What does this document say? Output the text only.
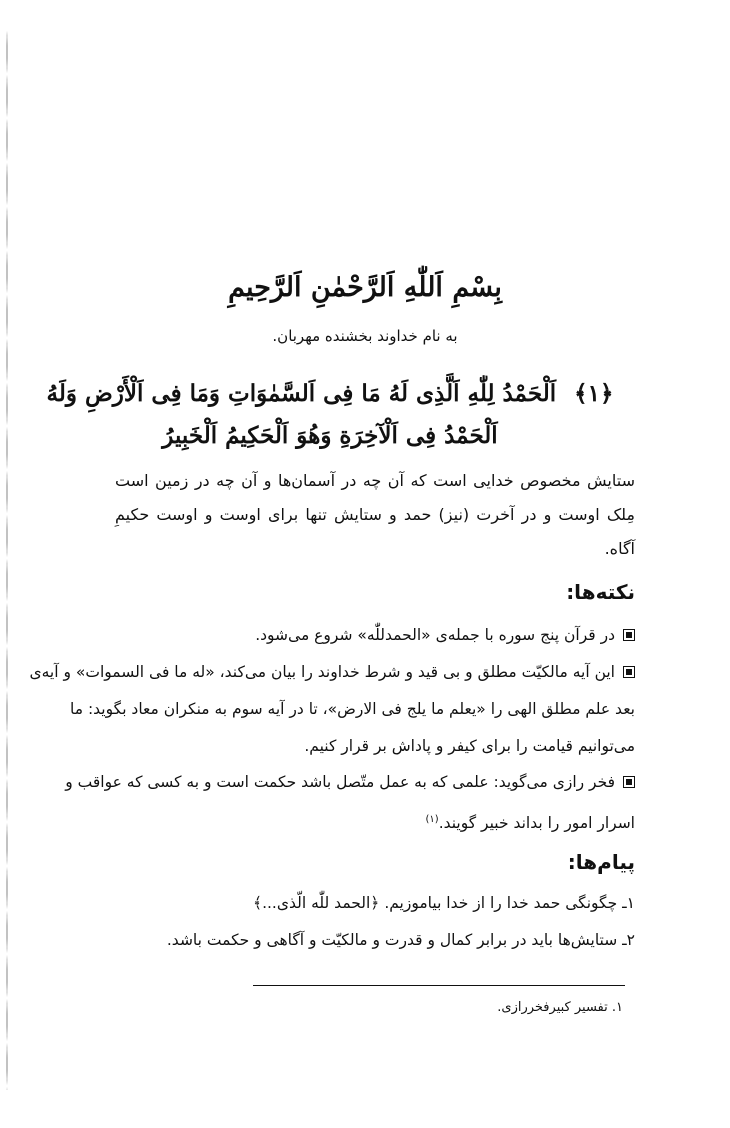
بِسْمِ اَللّٰهِ اَلرَّحْمٰنِ اَلرَّحِيمِ
به نام خداوند بخشنده مهربان.
﴿۱﴾ اَلْحَمْدُ لِلّٰهِ اَلَّذِى لَهُ مَا فِى اَلسَّمٰوَاتِ وَمَا فِى اَلْأَرْضِ وَلَهُ اَلْحَمْدُ فِى اَلْآخِرَةِ وَهُوَ اَلْحَكِيمُ اَلْخَبِيرُ
ستایش مخصوص خدایی است که آن چه در آسمان‌ها و آن چه در زمین است مِلک اوست و در آخرت (نیز) حمد و ستایش تنها برای اوست و اوست حکیمِ آگاه.
نکته‌ها:
در قرآن پنج سوره با جمله‌ی «الحمدللّٰه» شروع می‌شود.
این آیه مالکیّت مطلق و بی قید و شرط خداوند را بیان می‌کند، «له ما فی السموات» و آیه‌ی بعد علم مطلق الهی را «یعلم ما یلج فی الارض»، تا در آیه سوم به منکران معاد بگوید: ما می‌توانیم قیامت را برای کیفر و پاداش بر قرار کنیم.
فخر رازی می‌گوید: علمی که به عمل متّصل باشد حکمت است و به کسی که عواقب و اسرار امور را بداند خبیر گویند.$^{(۱)}$
پیام‌ها:
۱ـ چگونگی حمد خدا را از خدا بیاموزیم. ﴿الحمد للّٰه الّذی...﴾
۲ـ ستایش‌ها باید در برابر کمال و قدرت و مالکیّت و آگاهی و حکمت باشد.
۱. تفسیر کبیرفخررازی.
